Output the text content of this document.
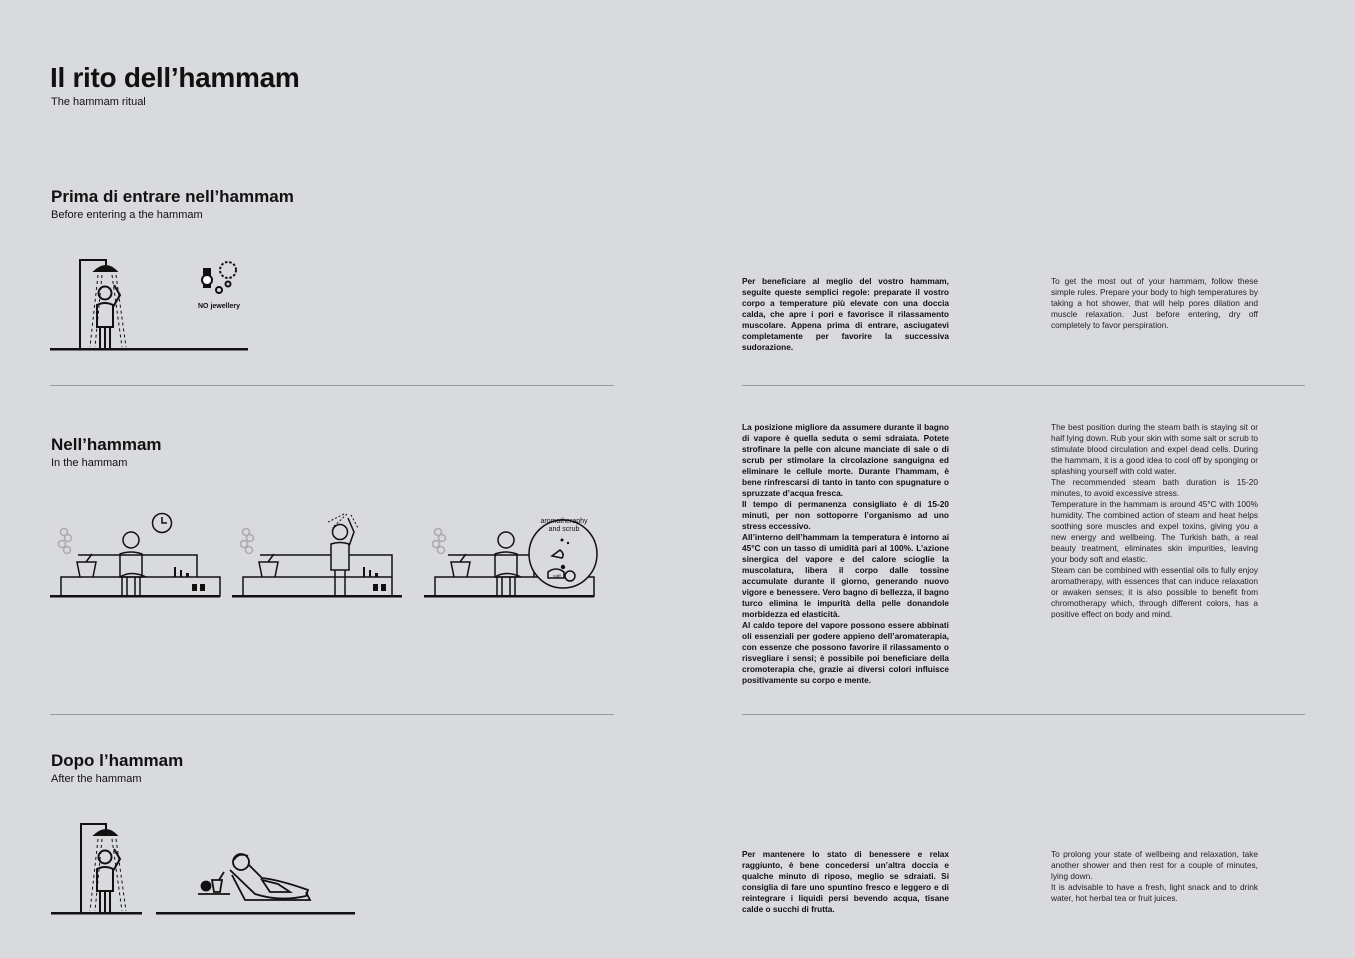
Il rito dell’hammam
The hammam ritual
Prima di entrare nell’hammam
Before entering a the hammam
NO jewellery

Per beneficiare al meglio del vostro hammam, seguite queste semplici regole: preparate il vostro corpo a temperature più elevate con una doccia calda, che apre i pori e favorisce il rilassamento muscolare. Appena prima di entrare, asciugatevi completamente per favorire la successiva sudorazione.

To get the most out of your hammam, follow these simple rules. Prepare your body to high temperatures by taking a hot shower, that will help pores dilation and muscle relaxation. Just before entering, dry off completely to favor perspiration.

Nell’hammam
In the hammam
salt
aromatheraphy
and scrub

La posizione migliore da assumere durante il bagno di vapore è quella seduta o semi sdraiata. Potete strofinare la pelle con alcune manciate di sale o di scrub per stimolare la circolazione sanguigna ed eliminare le cellule morte. Durante l’hammam, è bene rinfrescarsi di tanto in tanto con spugnature o spruzzate d’acqua fresca.

Il tempo di permanenza consigliato è di 15-20 minuti, per non sottoporre l’organismo ad uno stress eccessivo.

All’interno dell’hammam la temperatura è intorno ai 45°C con un tasso di umidità pari al 100%. L’azione sinergica del vapore e del calore scioglie la muscolatura, libera il corpo dalle tossine accumulate durante il giorno, generando nuovo vigore e benessere. Vero bagno di bellezza, il bagno turco elimina le impurità della pelle donandole morbidezza ed elasticità.

Al caldo tepore del vapore possono essere abbinati oli essenziali per godere appieno dell’aromaterapia, con essenze che possono favorire il rilassamento o risvegliare i sensi; è possibile poi beneficiare della cromoterapia che, grazie ai diversi colori influisce positivamente su corpo e mente.

The best position during the steam bath is staying sit or half lying down. Rub your skin with some salt or scrub to stimulate blood circulation and expel dead cells. During the hammam, it is a good idea to cool off by sponging or splashing yourself with cold water.

The recommended steam bath duration is 15-20 minutes, to avoid excessive stress.

Temperature in the hammam is around 45°C with 100% humidity. The combined action of steam and heat helps soothing sore muscles and expel toxins, giving you a new energy and wellbeing. The Turkish bath, a real beauty treatment, eliminates skin impurities, leaving your body soft and elastic.

Steam can be combined with essential oils to fully enjoy aromatherapy, with essences that can induce relaxation or awaken senses; it is also possible to benefit from chromotherapy which, through different colors, has a positive effect on body and mind.

Dopo l’hammam
After the hammam

Per mantenere lo stato di benessere e relax raggiunto, è bene concedersi un’altra doccia e qualche minuto di riposo, meglio se sdraiati. Si consiglia di fare uno spuntino fresco e leggero e di reintegrare i liquidi persi bevendo acqua, tisane calde o succhi di frutta.

To prolong your state of wellbeing and relaxation, take another shower and then rest for a couple of minutes, lying down.

It is advisable to have a fresh, light snack and to drink water, hot herbal tea or fruit juices.
